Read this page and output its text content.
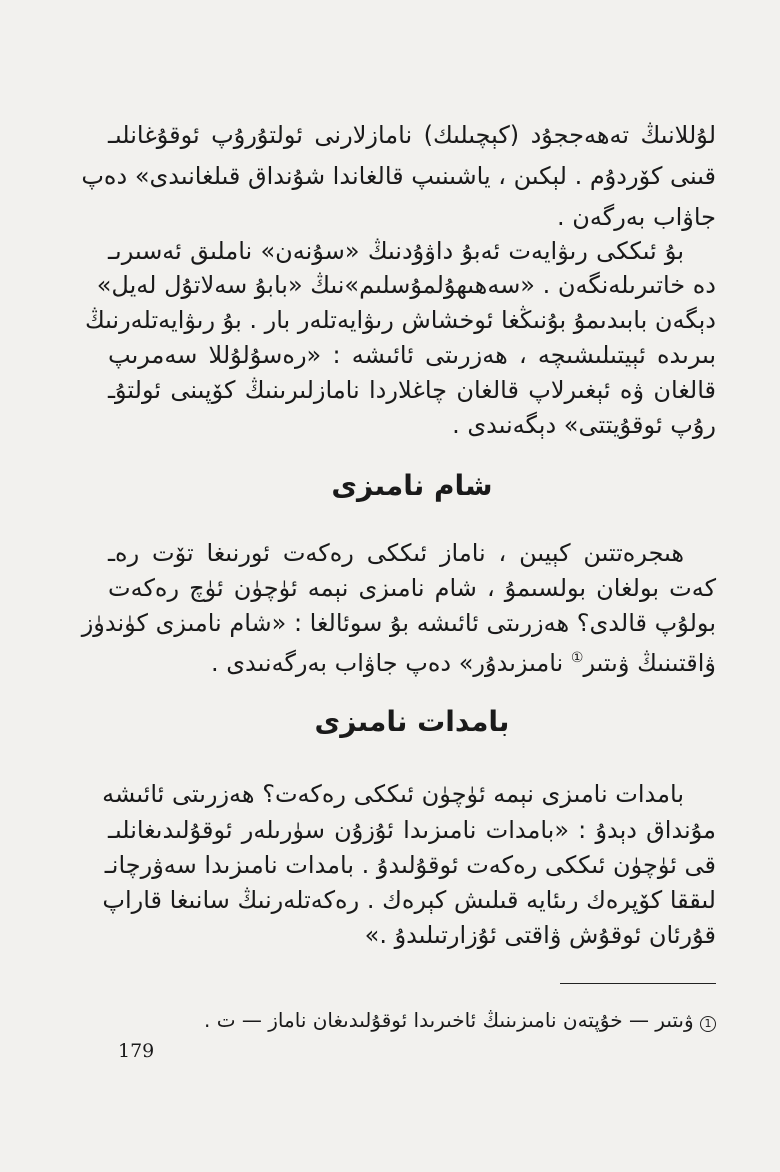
لۇللانىڭ تەھەججۇد (كېچىلىك) نامازلارنى ئولتۇرۇپ ئوقۇغانلىـ
قىنى كۆردۇم . لېكىن ، ياشىنىپ قالغاندا شۇنداق قىلغانىدى» دەپ
جاۋاب بەرگەن .
بۇ ئىككى رىۋايەت ئەبۇ داۋۇدنىڭ «سۇنەن» ناملىق ئەسىرىـ
دە خاتىرىلەنگەن . «سەھىھۇلمۇسلىم»نىڭ «بابۇ سەلاتۇل لەيل»
دېگەن بابىدىمۇ بۇنىڭغا ئوخشاش رىۋايەتلەر بار . بۇ رىۋايەتلەرنىڭ
بىرىدە ئېيتىلىشىچە ، ھەزرىتى ئائىشە : «رەسۇلۇللا سەمرىپ
قالغان ۋە ئېغىرلاپ قالغان چاغلاردا نامازلىرىنىڭ كۆپىنى ئولتۇـ
رۇپ ئوقۇيتتى» دېگەنىدى .
شام نامىزى
ھىجرەتتىن كېيىن ، ناماز ئىككى رەكەت ئورنىغا تۆت رەـ
كەت بولغان بولسىمۇ ، شام نامىزى نېمە ئۈچۈن ئۈچ رەكەت
بولۇپ قالدى؟ ھەزرىتى ئائىشە بۇ سوئالغا : «شام نامىزى كۈندۈز
ۋاقتىنىڭ ۋىتىر① نامىزىدۇر» دەپ جاۋاب بەرگەنىدى .
بامدات نامىزى
بامدات نامىزى نېمە ئۈچۈن ئىككى رەكەت؟ ھەزرىتى ئائىشە
مۇنداق دېدۇ : «بامدات نامىزىدا ئۇزۇن سۈرىلەر ئوقۇلىدىغانلىـ
قى ئۈچۈن ئىككى رەكەت ئوقۇلىدۇ . بامدات نامىزىدا سەۋرچانـ
لىققا كۆپرەك رىئايە قىلىش كېرەك . رەكەتلەرنىڭ سانىغا قاراپ
قۇرئان ئوقۇش ۋاقتى ئۇزارتىلىدۇ .»
1 ۋىتىر — خۇپتەن نامىزىنىڭ ئاخىرىدا ئوقۇلىدىغان ناماز — ت .
179
